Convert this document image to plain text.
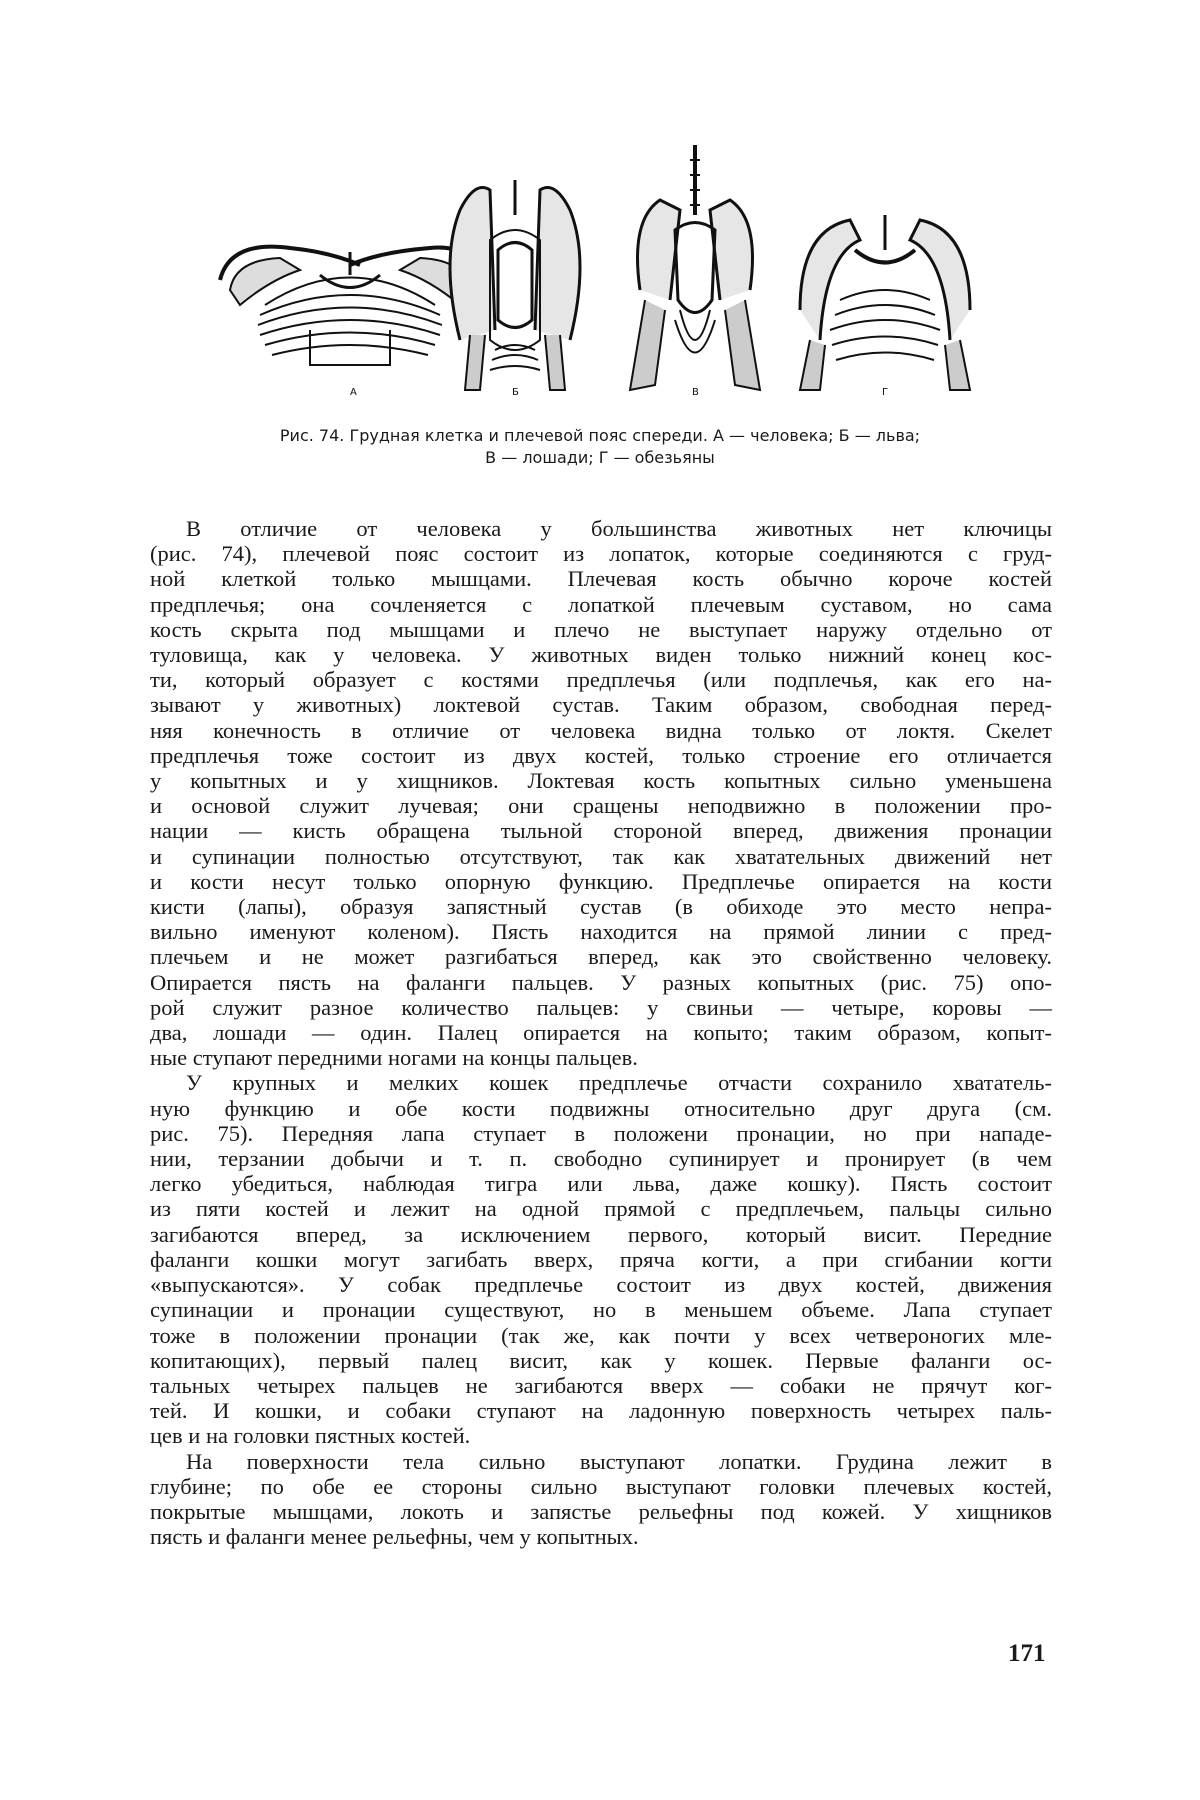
А	Б	В	Г
Рис. 74. Грудная клетка и плечевой пояс спереди. А — человека; Б — льва;
В — лошади; Г — обезьяны
В отличие от человека у большинства животных нет ключицы
(рис. 74), плечевой пояс состоит из лопаток, которые соединяются с груд-
ной клеткой только мышцами. Плечевая кость обычно короче костей
предплечья; она сочленяется с лопаткой плечевым суставом, но сама
кость скрыта под мышцами и плечо не выступает наружу отдельно от
туловища, как у человека. У животных виден только нижний конец кос-
ти, который образует с костями предплечья (или подплечья, как его на-
зывают у животных) локтевой сустав. Таким образом, свободная перед-
няя конечность в отличие от человека видна только от локтя. Скелет
предплечья тоже состоит из двух костей, только строение его отличается
у копытных и у хищников. Локтевая кость копытных сильно уменьшена
и основой служит лучевая; они сращены неподвижно в положении про-
нации — кисть обращена тыльной стороной вперед, движения пронации
и супинации полностью отсутствуют, так как хватательных движений нет
и кости несут только опорную функцию. Предплечье опирается на кости
кисти (лапы), образуя запястный сустав (в обиходе это место непра-
вильно именуют коленом). Пясть находится на прямой линии с пред-
плечьем и не может разгибаться вперед, как это свойственно человеку.
Опирается пясть на фаланги пальцев. У разных копытных (рис. 75) опо-
рой служит разное количество пальцев: у свиньи — четыре, коровы —
два, лошади — один. Палец опирается на копыто; таким образом, копыт-
ные ступают передними ногами на концы пальцев.
У крупных и мелких кошек предплечье отчасти сохранило хвататель-
ную функцию и обе кости подвижны относительно друг друга (см.
рис. 75). Передняя лапа ступает в положени пронации, но при нападе-
нии, терзании добычи и т. п. свободно супинирует и пронирует (в чем
легко убедиться, наблюдая тигра или льва, даже кошку). Пясть состоит
из пяти костей и лежит на одной прямой с предплечьем, пальцы сильно
загибаются вперед, за исключением первого, который висит. Передние
фаланги кошки могут загибать вверх, пряча когти, а при сгибании когти
«выпускаются». У собак предплечье состоит из двух костей, движения
супинации и пронации существуют, но в меньшем объеме. Лапа ступает
тоже в положении пронации (так же, как почти у всех четвероногих мле-
копитающих), первый палец висит, как у кошек. Первые фаланги ос-
тальных четырех пальцев не загибаются вверх — собаки не прячут ког-
тей. И кошки, и собаки ступают на ладонную поверхность четырех паль-
цев и на головки пястных костей.
На поверхности тела сильно выступают лопатки. Грудина лежит в
глубине; по обе ее стороны сильно выступают головки плечевых костей,
покрытые мышцами, локоть и запястье рельефны под кожей. У хищников
пясть и фаланги менее рельефны, чем у копытных.
171
